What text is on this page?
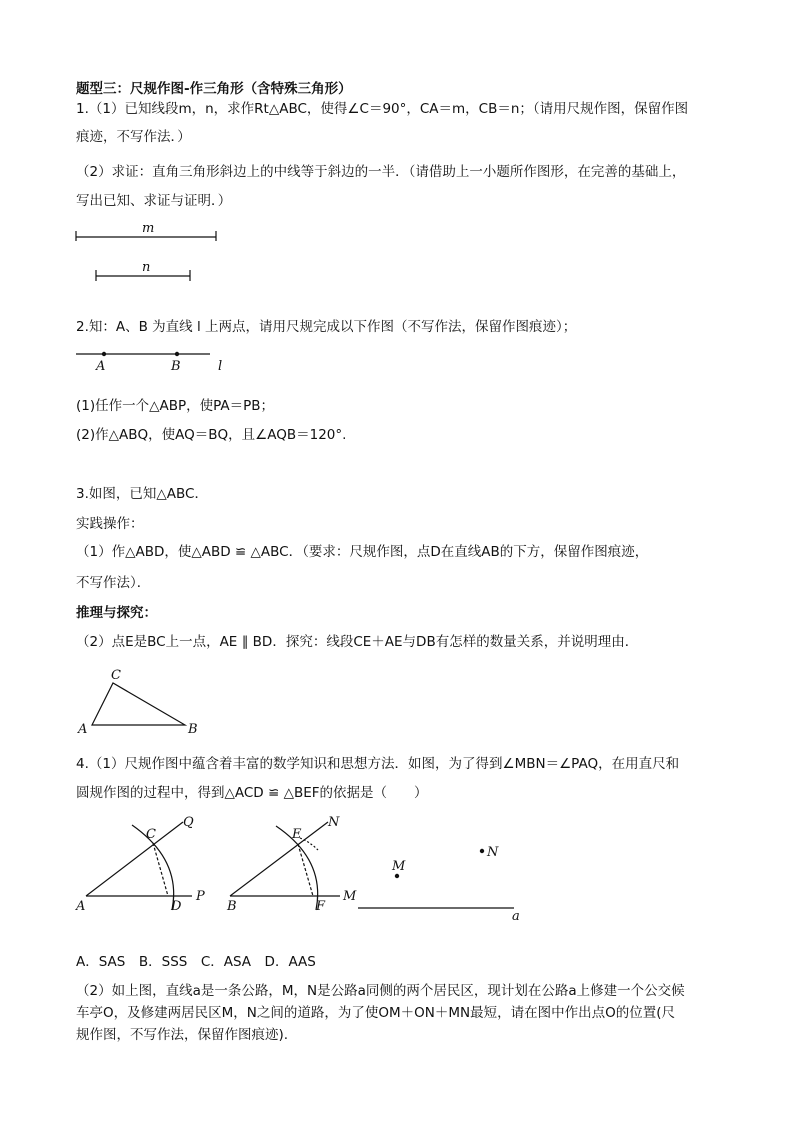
题型三：尺规作图-作三角形（含特殊三角形）
1.（1）已知线段m，n，求作Rt△ABC，使得∠C＝90°，CA＝m，CB＝n；（请用尺规作图，保留作图
痕迹，不写作法．）
（2）求证：直角三角形斜边上的中线等于斜边的一半．（请借助上一小题所作图形，在完善的基础上，
写出已知、求证与证明．）
2.知：A、B 为直线 l 上两点，请用尺规完成以下作图（不写作法，保留作图痕迹）；
(1)任作一个△ABP，使PA＝PB；
(2)作△ABQ，使AQ＝BQ，且∠AQB＝120°.
3.如图，已知△ABC．
实践操作：
（1）作△ABD，使△ABD ≌ △ABC．（要求：尺规作图，点D在直线AB的下方，保留作图痕迹，
不写作法）．
推理与探究：
（2）点E是BC上一点，AE ∥ BD．探究：线段CE＋AE与DB有怎样的数量关系，并说明理由．
4.（1）尺规作图中蕴含着丰富的数学知识和思想方法．如图，为了得到∠MBN＝∠PAQ，在用直尺和
圆规作图的过程中，得到△ACD ≌ △BEF的依据是（　　）
A．SAS　B．SSS　C．ASA　D．AAS
（2）如上图，直线a是一条公路，M，N是公路a同侧的两个居民区，现计划在公路a上修建一个公交候
车亭O，及修建两居民区M，N之间的道路，为了使OM＋ON＋MN最短，请在图中作出点O的位置(尺
规作图，不写作法，保留作图痕迹).
m
n
A	B	l
A
C
B
A
C
D
P
Q
B
E
F
M
N
M
N
a
